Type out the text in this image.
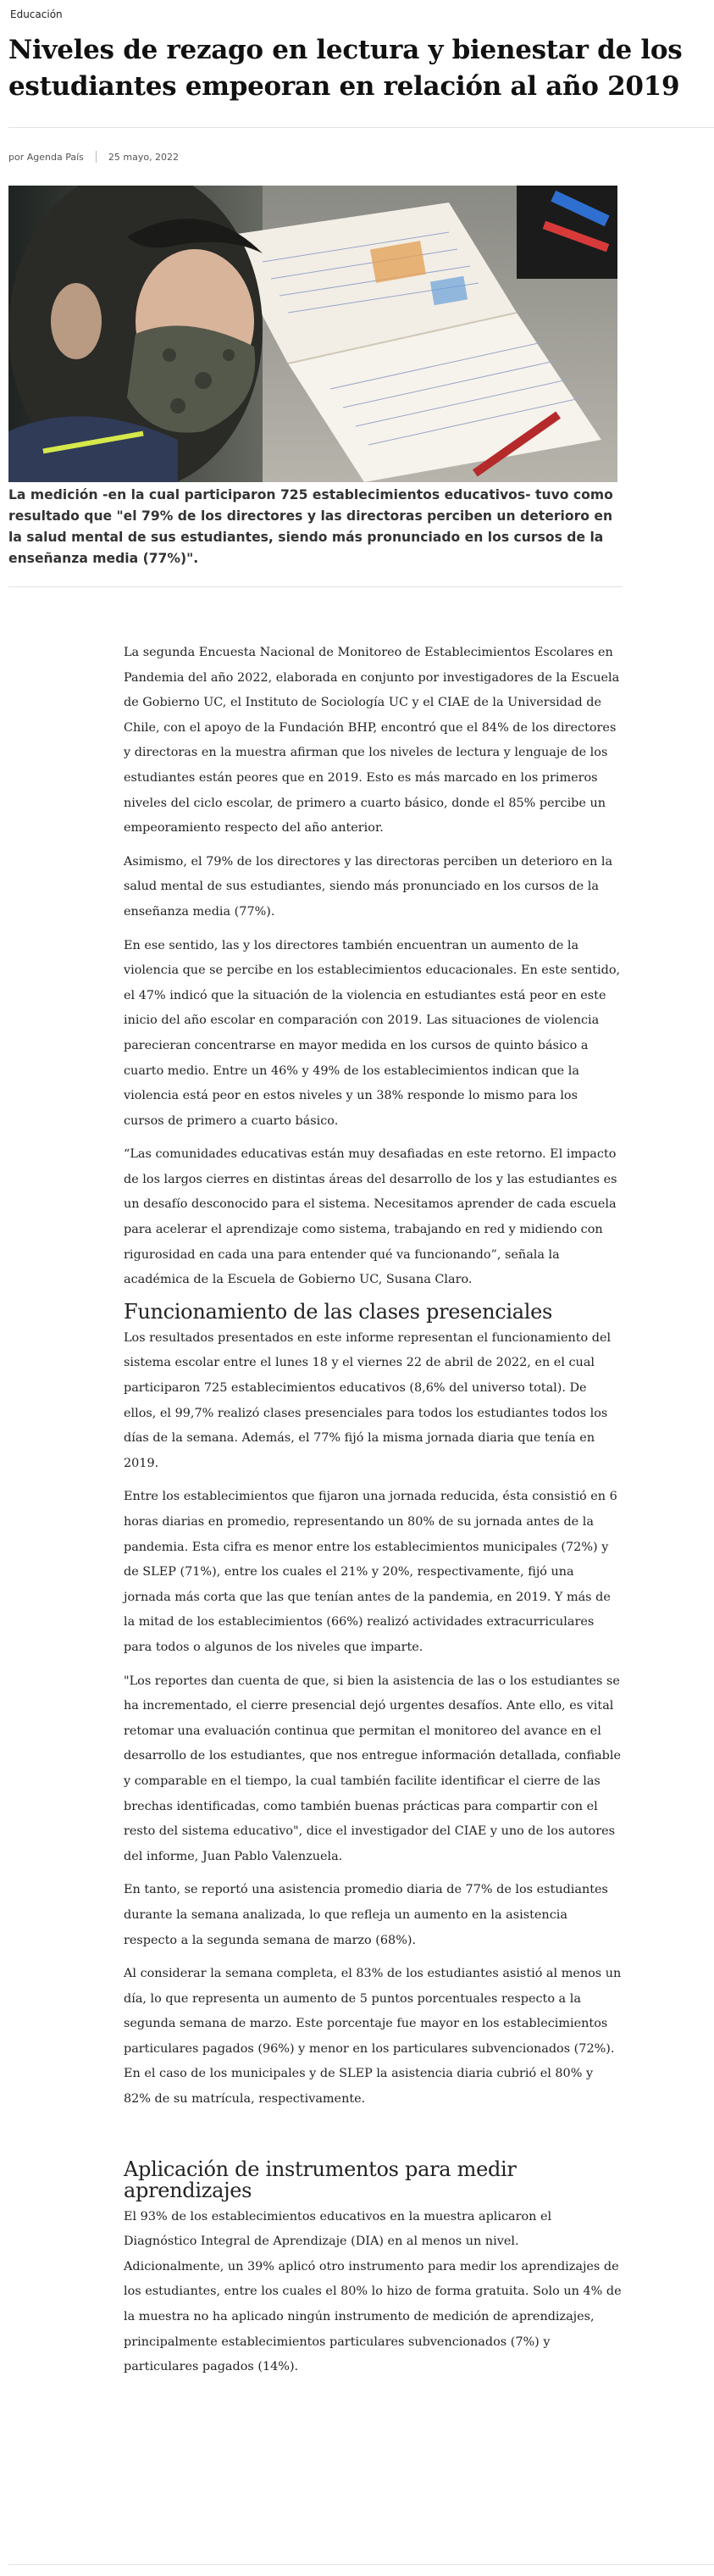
Educación
Niveles de rezago en lectura y bienestar de los estudiantes empeoran en relación al año 2019
por Agenda País	25 mayo, 2022

La medición -en la cual participaron 725 establecimientos educativos- tuvo como resultado que "el 79% de los directores y las directoras perciben un deterioro en la salud mental de sus estudiantes, siendo más pronunciado en los cursos de la enseñanza media (77%)".

La segunda Encuesta Nacional de Monitoreo de Establecimientos Escolares en Pandemia del año 2022, elaborada en conjunto por investigadores de la Escuela de Gobierno UC, el Instituto de Sociología UC y el CIAE de la Universidad de Chile, con el apoyo de la Fundación BHP, encontró que el 84% de los directores y directoras en la muestra afirman que los niveles de lectura y lenguaje de los estudiantes están peores que en 2019. Esto es más marcado en los primeros niveles del ciclo escolar, de primero a cuarto básico, donde el 85% percibe un empeoramiento respecto del año anterior.

Asimismo, el 79% de los directores y las directoras perciben un deterioro en la salud mental de sus estudiantes, siendo más pronunciado en los cursos de la enseñanza media (77%).

En ese sentido, las y los directores también encuentran un aumento de la violencia que se percibe en los establecimientos educacionales. En este sentido, el 47% indicó que la situación de la violencia en estudiantes está peor en este inicio del año escolar en comparación con 2019. Las situaciones de violencia parecieran concentrarse en mayor medida en los cursos de quinto básico a cuarto medio. Entre un 46% y 49% de los establecimientos indican que la violencia está peor en estos niveles y un 38% responde lo mismo para los cursos de primero a cuarto básico.

“Las comunidades educativas están muy desafiadas en este retorno. El impacto de los largos cierres en distintas áreas del desarrollo de los y las estudiantes es un desafío desconocido para el sistema. Necesitamos aprender de cada escuela para acelerar el aprendizaje como sistema, trabajando en red y midiendo con rigurosidad en cada una para entender qué va funcionando”, señala la académica de la Escuela de Gobierno UC, Susana Claro.

Funcionamiento de las clases presenciales

Los resultados presentados en este informe representan el funcionamiento del sistema escolar entre el lunes 18 y el viernes 22 de abril de 2022, en el cual participaron 725 establecimientos educativos (8,6% del universo total). De ellos, el 99,7% realizó clases presenciales para todos los estudiantes todos los días de la semana. Además, el 77% fijó la misma jornada diaria que tenía en 2019.

Entre los establecimientos que fijaron una jornada reducida, ésta consistió en 6 horas diarias en promedio, representando un 80% de su jornada antes de la pandemia. Esta cifra es menor entre los establecimientos municipales (72%) y de SLEP (71%), entre los cuales el 21% y 20%, respectivamente, fijó una jornada más corta que las que tenían antes de la pandemia, en 2019. Y más de la mitad de los establecimientos (66%) realizó actividades extracurriculares para todos o algunos de los niveles que imparte.

"Los reportes dan cuenta de que, si bien la asistencia de las o los estudiantes se ha incrementado, el cierre presencial dejó urgentes desafíos. Ante ello, es vital retomar una evaluación continua que permitan el monitoreo del avance en el desarrollo de los estudiantes, que nos entregue información detallada, confiable y comparable en el tiempo, la cual también facilite identificar el cierre de las brechas identificadas, como también buenas prácticas para compartir con el resto del sistema educativo", dice el investigador del CIAE y uno de los autores del informe, Juan Pablo Valenzuela.

En tanto, se reportó una asistencia promedio diaria de 77% de los estudiantes durante la semana analizada, lo que refleja un aumento en la asistencia respecto a la segunda semana de marzo (68%).

Al considerar la semana completa, el 83% de los estudiantes asistió al menos un día, lo que representa un aumento de 5 puntos porcentuales respecto a la segunda semana de marzo. Este porcentaje fue mayor en los establecimientos particulares pagados (96%) y menor en los particulares subvencionados (72%). En el caso de los municipales y de SLEP la asistencia diaria cubrió el 80% y 82% de su matrícula, respectivamente.

Aplicación de instrumentos para medir aprendizajes

El 93% de los establecimientos educativos en la muestra aplicaron el Diagnóstico Integral de Aprendizaje (DIA) en al menos un nivel. Adicionalmente, un 39% aplicó otro instrumento para medir los aprendizajes de los estudiantes, entre los cuales el 80% lo hizo de forma gratuita. Solo un 4% de la muestra no ha aplicado ningún instrumento de medición de aprendizajes, principalmente establecimientos particulares subvencionados (7%) y particulares pagados (14%).
